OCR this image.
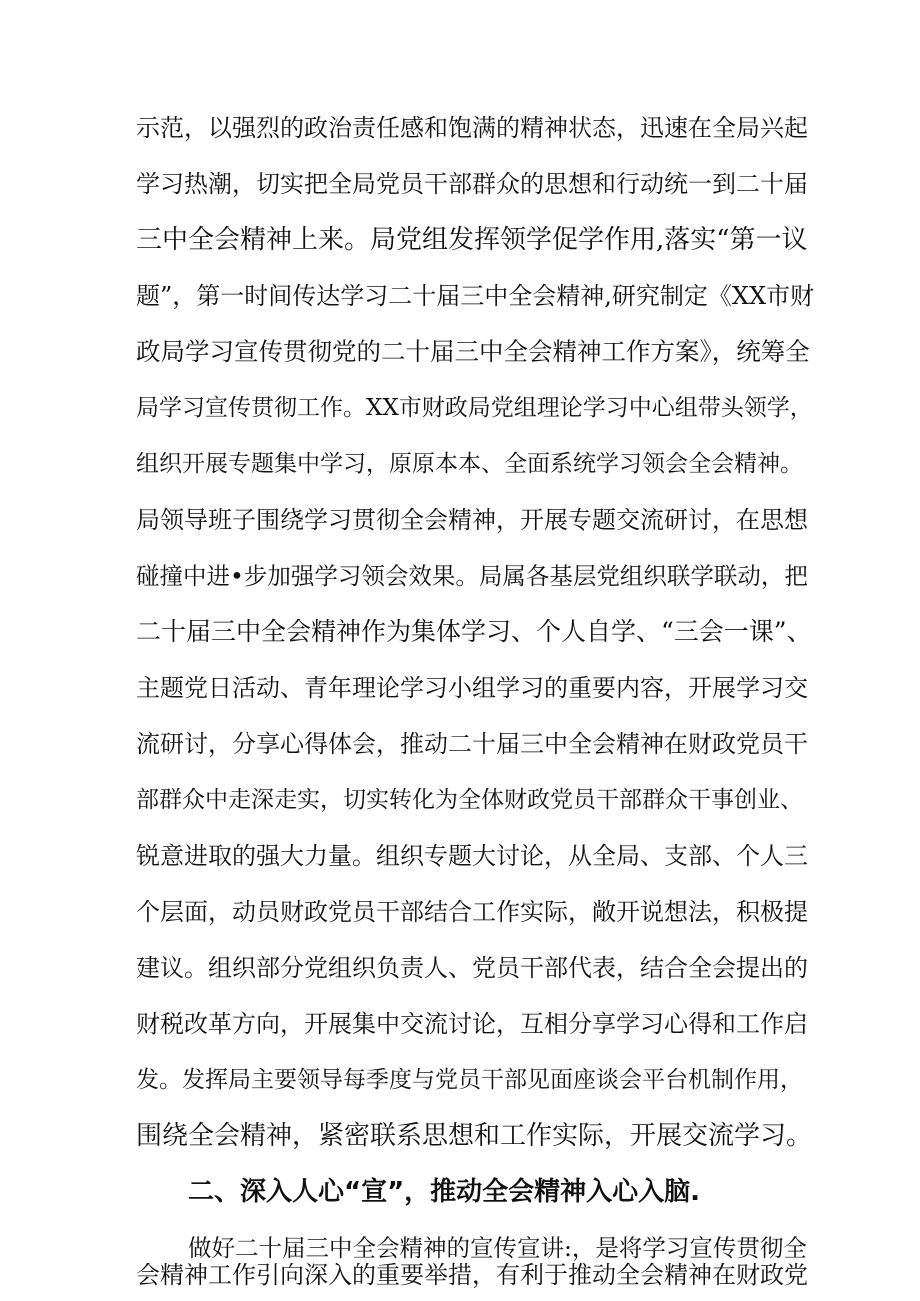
示范，以强烈的政治责任感和饱满的精神状态，迅速在全局兴起
学习热潮，切实把全局党员干部群众的思想和行动统一到二十届
三中全会精神上来。局党组发挥领学促学作用,落实“第一议
题”，第一时间传达学习二十届三中全会精神,研究制定《XX市财
政局学习宣传贯彻党的二十届三中全会精神工作方案》，统筹全
局学习宣传贯彻工作。XX市财政局党组理论学习中心组带头领学，
组织开展专题集中学习，原原本本、全面系统学习领会全会精神。
局领导班子围绕学习贯彻全会精神，开展专题交流研讨，在思想
碰撞中进•步加强学习领会效果。局属各基层党组织联学联动，把
二十届三中全会精神作为集体学习、个人自学、“三会一课”、
主题党日活动、青年理论学习小组学习的重要内容，开展学习交
流研讨，分享心得体会，推动二十届三中全会精神在财政党员干
部群众中走深走实，切实转化为全体财政党员干部群众干事创业、
锐意进取的强大力量。组织专题大讨论，从全局、支部、个人三
个层面，动员财政党员干部结合工作实际，敞开说想法，积极提
建议。组织部分党组织负责人、党员干部代表，结合全会提出的
财税改革方向，开展集中交流讨论，互相分享学习心得和工作启
发。发挥局主要领导每季度与党员干部见面座谈会平台机制作用，
围绕全会精神，紧密联系思想和工作实际，开展交流学习。
二、深入人心“宣”，推动全会精神入心入脑.
做好二十届三中全会精神的宣传宣讲:，是将学习宣传贯彻全
会精神工作引向深入的重要举措，有利于推动全会精神在财政党
